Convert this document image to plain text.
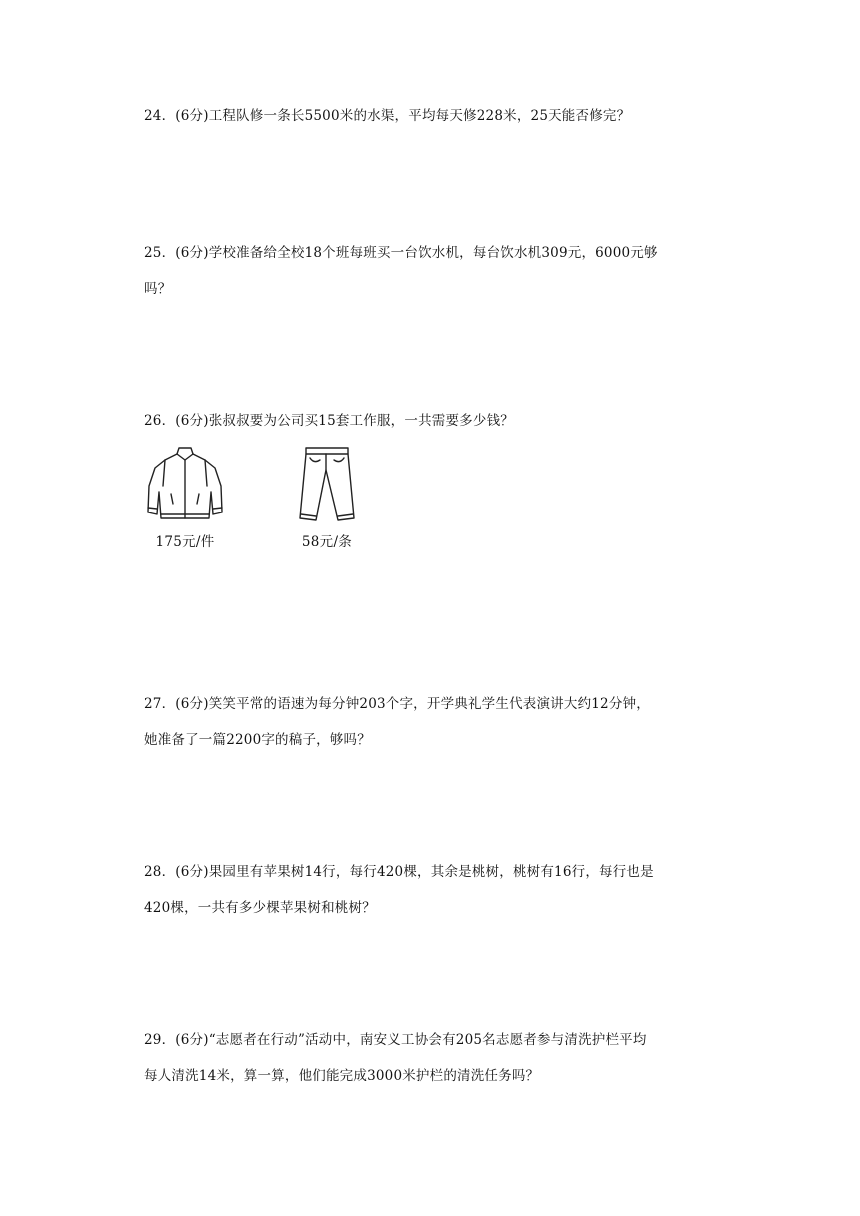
24．(6分)工程队修一条长5500米的水渠，平均每天修228米，25天能否修完？

25．(6分)学校准备给全校18个班每班买一台饮水机，每台饮水机309元，6000元够

吗？

26．(6分)张叔叔要为公司买15套工作服，一共需要多少钱？

175元/件	58元/条

27．(6分)笑笑平常的语速为每分钟203个字，开学典礼学生代表演讲大约12分钟，

她准备了一篇2200字的稿子，够吗？

28．(6分)果园里有苹果树14行，每行420棵，其余是桃树，桃树有16行，每行也是

420棵，一共有多少棵苹果树和桃树？

29．(6分)“志愿者在行动”活动中，南安义工协会有205名志愿者参与清洗护栏平均

每人清洗14米，算一算，他们能完成3000米护栏的清洗任务吗？
